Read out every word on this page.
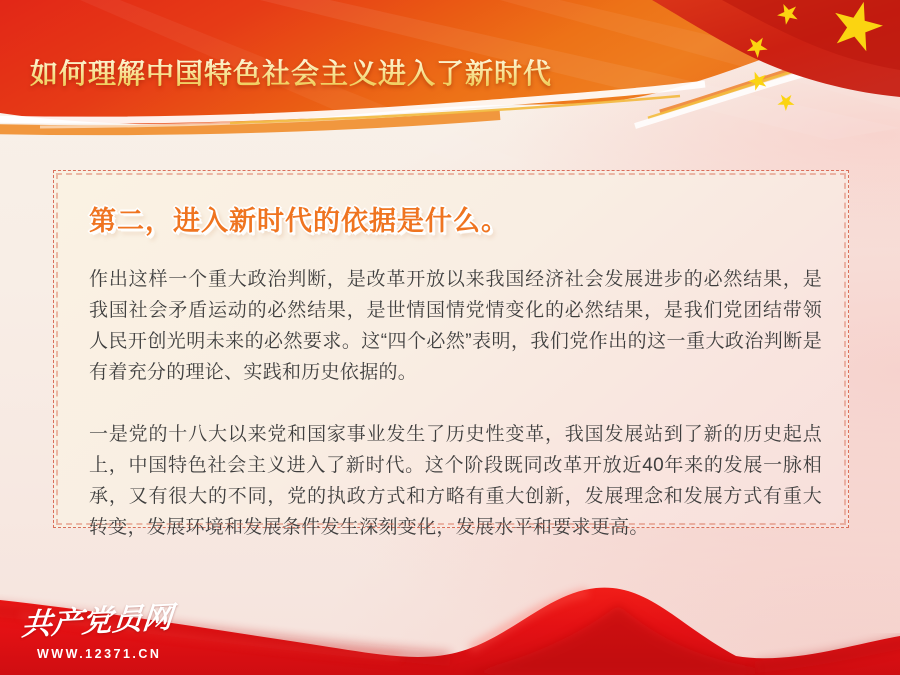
如何理解中国特色社会主义进入了新时代
第二，进入新时代的依据是什么。

作出这样一个重大政治判断，是改革开放以来我国经济社会发展进步的必然结果，是我国社会矛盾运动的必然结果，是世情国情党情变化的必然结果，是我们党团结带领人民开创光明未来的必然要求。这“四个必然”表明，我们党作出的这一重大政治判断是有着充分的理论、实践和历史依据的。

一是党的十八大以来党和国家事业发生了历史性变革，我国发展站到了新的历史起点上，中国特色社会主义进入了新时代。这个阶段既同改革开放近40年来的发展一脉相承，又有很大的不同，党的执政方式和方略有重大创新，发展理念和发展方式有重大转变，发展环境和发展条件发生深刻变化，发展水平和要求更高。

共产党员网
WWW.12371.CN
